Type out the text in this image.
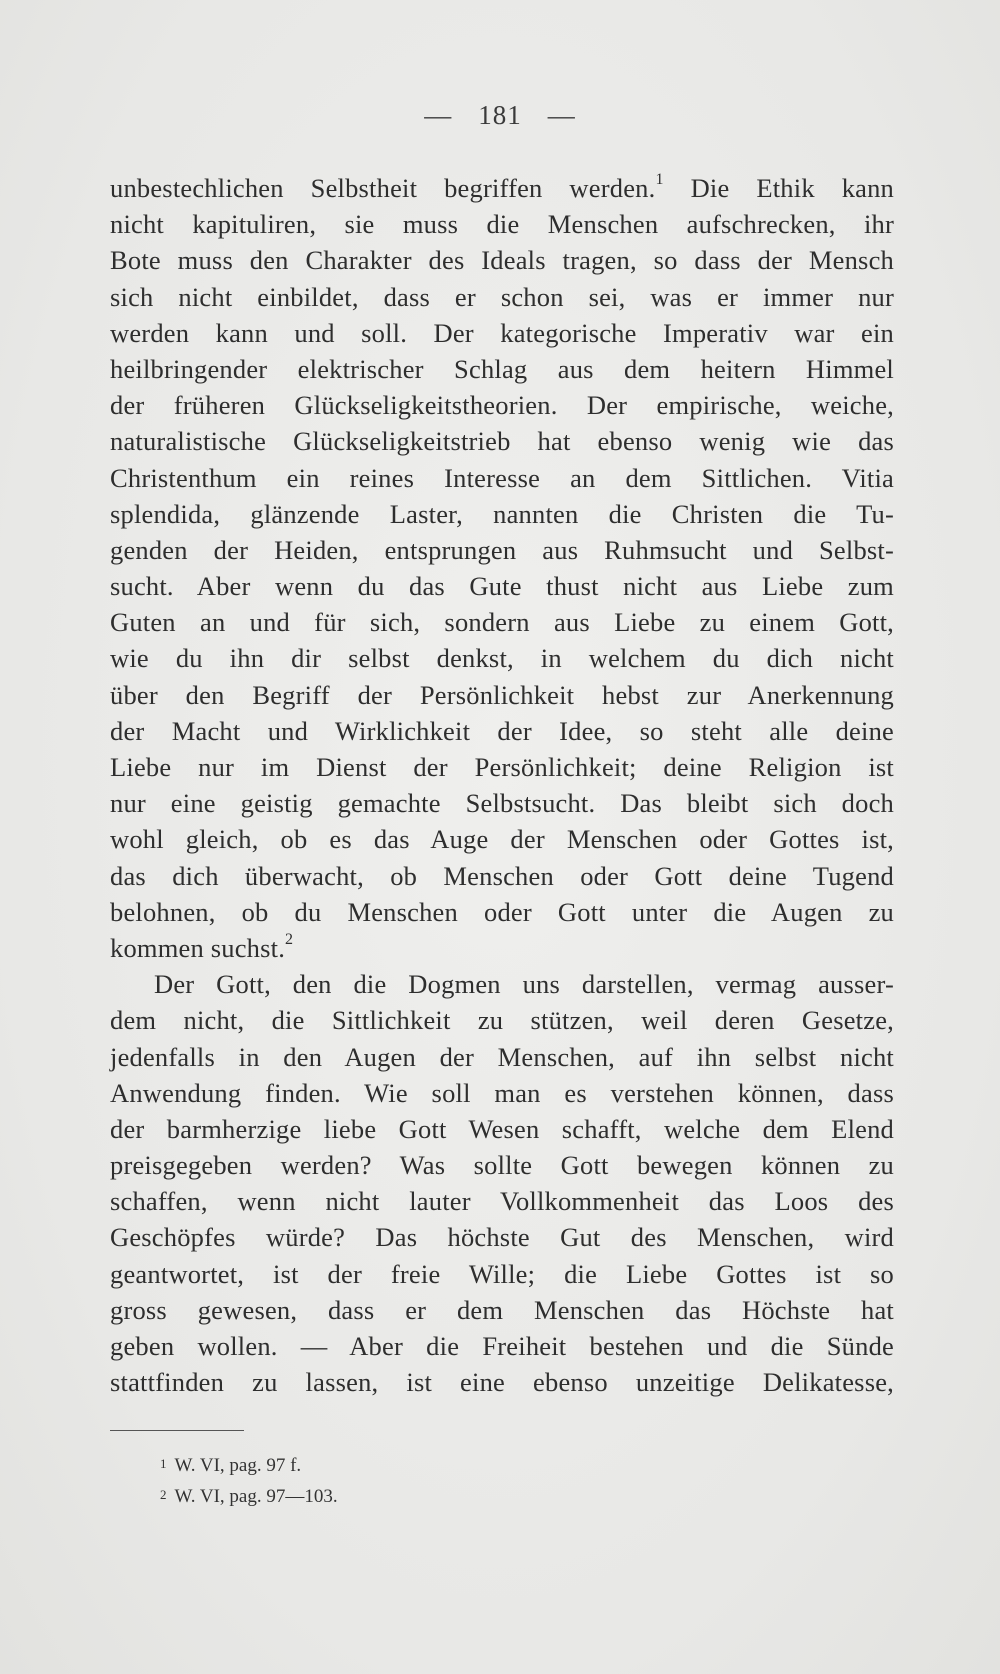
— 181 —
unbestechlichen Selbstheit begriffen werden.$^1$ Die Ethik kann
nicht kapituliren, sie muss die Menschen aufschrecken, ihr
Bote muss den Charakter des Ideals tragen, so dass der Mensch
sich nicht einbildet, dass er schon sei, was er immer nur
werden kann und soll. Der kategorische Imperativ war ein
heilbringender elektrischer Schlag aus dem heitern Himmel
der früheren Glückseligkeitstheorien. Der empirische, weiche,
naturalistische Glückseligkeitstrieb hat ebenso wenig wie das
Christenthum ein reines Interesse an dem Sittlichen. Vitia
splendida, glänzende Laster, nannten die Christen die Tu-
genden der Heiden, entsprungen aus Ruhmsucht und Selbst-
sucht. Aber wenn du das Gute thust nicht aus Liebe zum
Guten an und für sich, sondern aus Liebe zu einem Gott,
wie du ihn dir selbst denkst, in welchem du dich nicht
über den Begriff der Persönlichkeit hebst zur Anerkennung
der Macht und Wirklichkeit der Idee, so steht alle deine
Liebe nur im Dienst der Persönlichkeit; deine Religion ist
nur eine geistig gemachte Selbstsucht. Das bleibt sich doch
wohl gleich, ob es das Auge der Menschen oder Gottes ist,
das dich überwacht, ob Menschen oder Gott deine Tugend
belohnen, ob du Menschen oder Gott unter die Augen zu
kommen suchst.$^2$
Der Gott, den die Dogmen uns darstellen, vermag ausser-
dem nicht, die Sittlichkeit zu stützen, weil deren Gesetze,
jedenfalls in den Augen der Menschen, auf ihn selbst nicht
Anwendung finden. Wie soll man es verstehen können, dass
der barmherzige liebe Gott Wesen schafft, welche dem Elend
preisgegeben werden? Was sollte Gott bewegen können zu
schaffen, wenn nicht lauter Vollkommenheit das Loos des
Geschöpfes würde? Das höchste Gut des Menschen, wird
geantwortet, ist der freie Wille; die Liebe Gottes ist so
gross gewesen, dass er dem Menschen das Höchste hat
geben wollen. — Aber die Freiheit bestehen und die Sünde
stattfinden zu lassen, ist eine ebenso unzeitige Delikatesse,
$^1$ W. VI, pag. 97 f.
$^2$ W. VI, pag. 97—103.
